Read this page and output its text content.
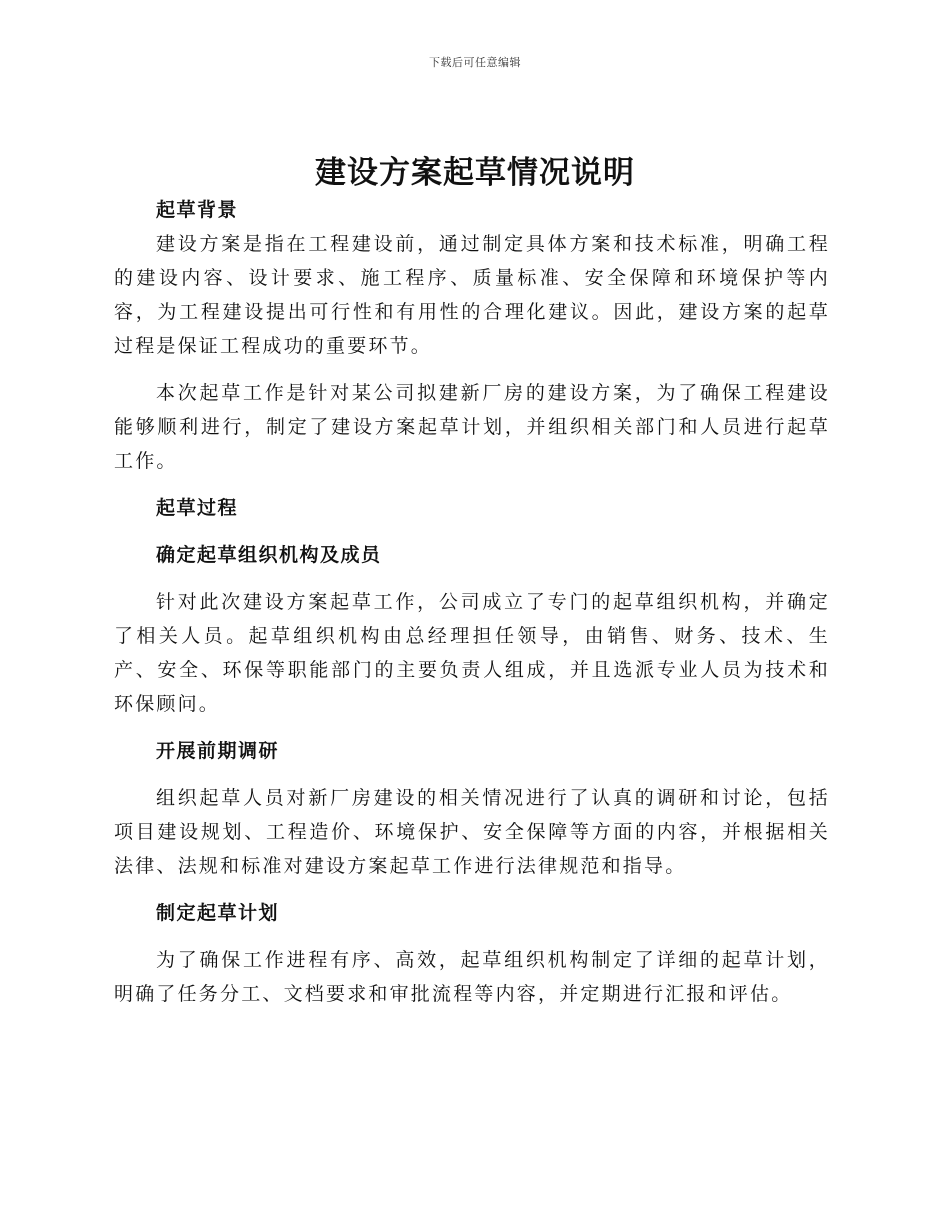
下载后可任意编辑
建设方案起草情况说明
起草背景

建设方案是指在工程建设前，通过制定具体方案和技术标准，明确工程的建设内容、设计要求、施工程序、质量标准、安全保障和环境保护等内容，为工程建设提出可行性和有用性的合理化建议。因此，建设方案的起草过程是保证工程成功的重要环节。

本次起草工作是针对某公司拟建新厂房的建设方案，为了确保工程建设能够顺利进行，制定了建设方案起草计划，并组织相关部门和人员进行起草工作。

起草过程
确定起草组织机构及成员

针对此次建设方案起草工作，公司成立了专门的起草组织机构，并确定了相关人员。起草组织机构由总经理担任领导，由销售、财务、技术、生产、安全、环保等职能部门的主要负责人组成，并且选派专业人员为技术和环保顾问。

开展前期调研

组织起草人员对新厂房建设的相关情况进行了认真的调研和讨论，包括项目建设规划、工程造价、环境保护、安全保障等方面的内容，并根据相关法律、法规和标准对建设方案起草工作进行法律规范和指导。

制定起草计划

为了确保工作进程有序、高效，起草组织机构制定了详细的起草计划，明确了任务分工、文档要求和审批流程等内容，并定期进行汇报和评估。
